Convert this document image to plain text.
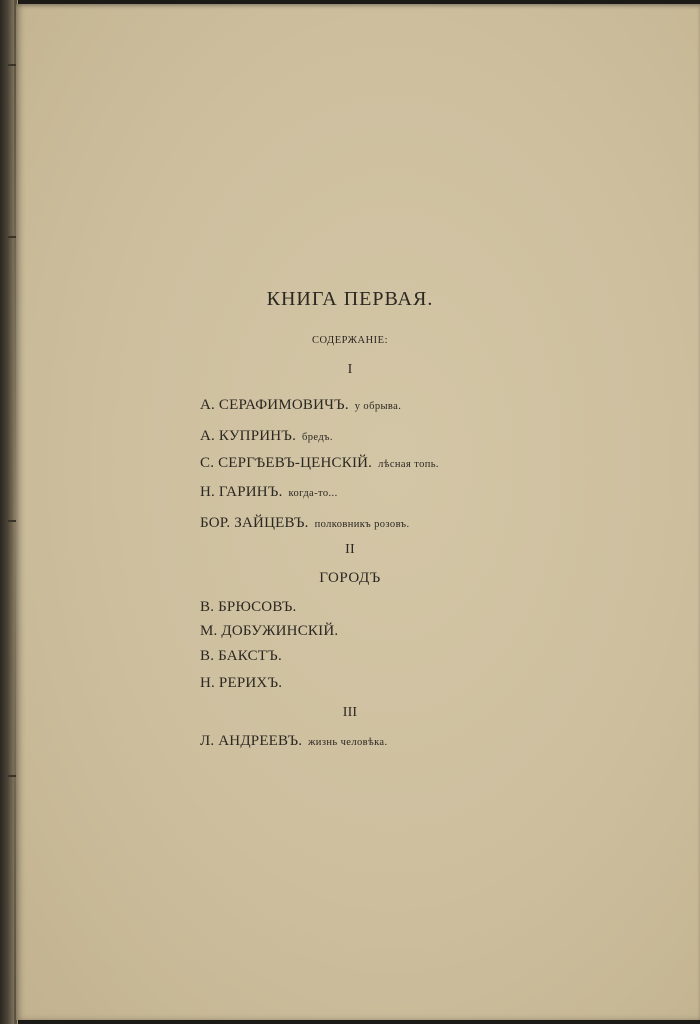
КНИГА ПЕРВАЯ.
СОДЕРЖАНІЕ:
I
А. СЕРАФИМОВИЧЪ. у обрыва.
А. КУПРИНЪ. бредъ.
С. СЕРГѢЕВЪ-ЦЕНСКІЙ. лѣсная топь.
Н. ГАРИНЪ. когда-то...
БОР. ЗАЙЦЕВЪ. полковникъ розовъ.
II
ГОРОДЪ
В. БРЮСОВЪ.
М. ДОБУЖИНСКІЙ.
В. БАКСТЪ.
Н. РЕРИХЪ.
III
Л. АНДРЕЕВЪ. жизнь человѣка.
